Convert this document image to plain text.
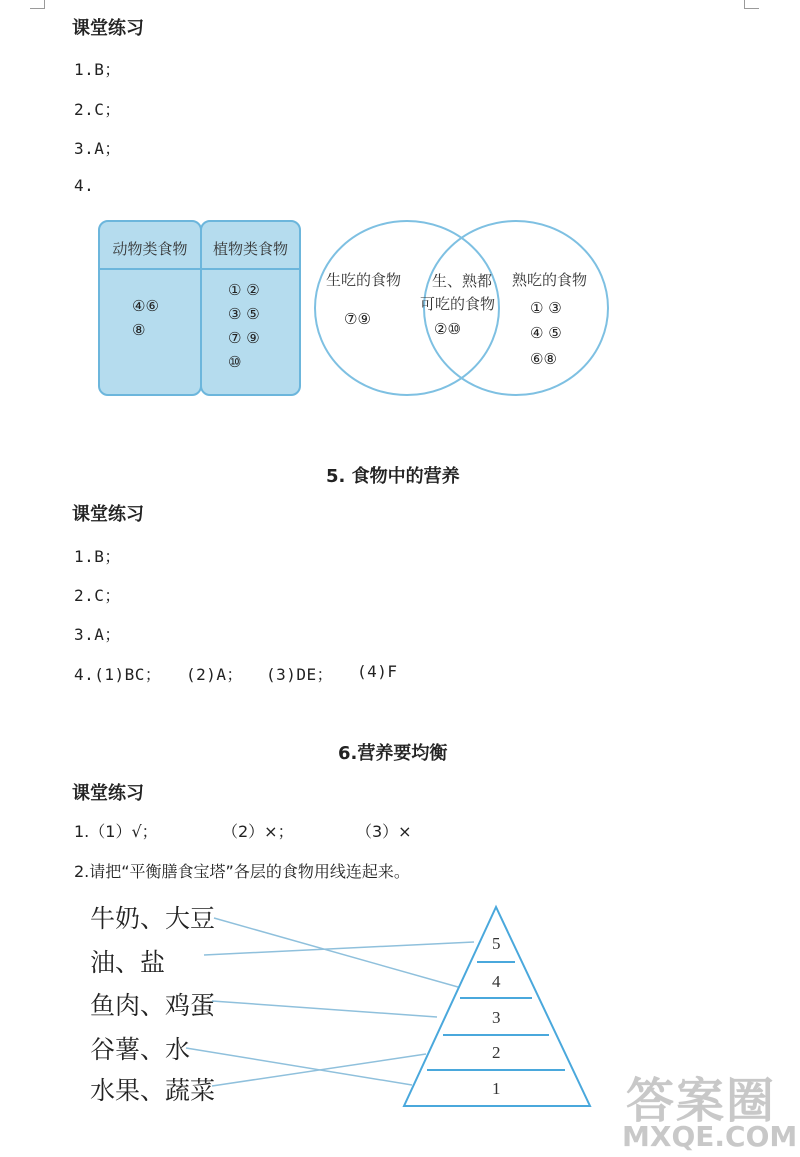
课堂练习
1.B；
2.C；
3.A；
4.
动物类食物
④⑥
⑧
植物类食物
① ②
③ ⑤
⑦ ⑨
⑩
生吃的食物
⑦⑨
生、熟都
可吃的食物
②⑩
熟吃的食物
① ③
④ ⑤
⑥⑧
5. 食物中的营养
课堂练习
1.B；
2.C；
3.A；
4.(1)BC； (2)A； (3)DE； (4)F
6.营养要均衡
课堂练习
1.（1）√；	（2）×；	（3）×
2.请把“平衡膳食宝塔”各层的食物用线连起来。
牛奶、大豆
油、盐
鱼肉、鸡蛋
谷薯、水
水果、蔬菜
5
4
3
2
1	答案圈
MXQE.COM
